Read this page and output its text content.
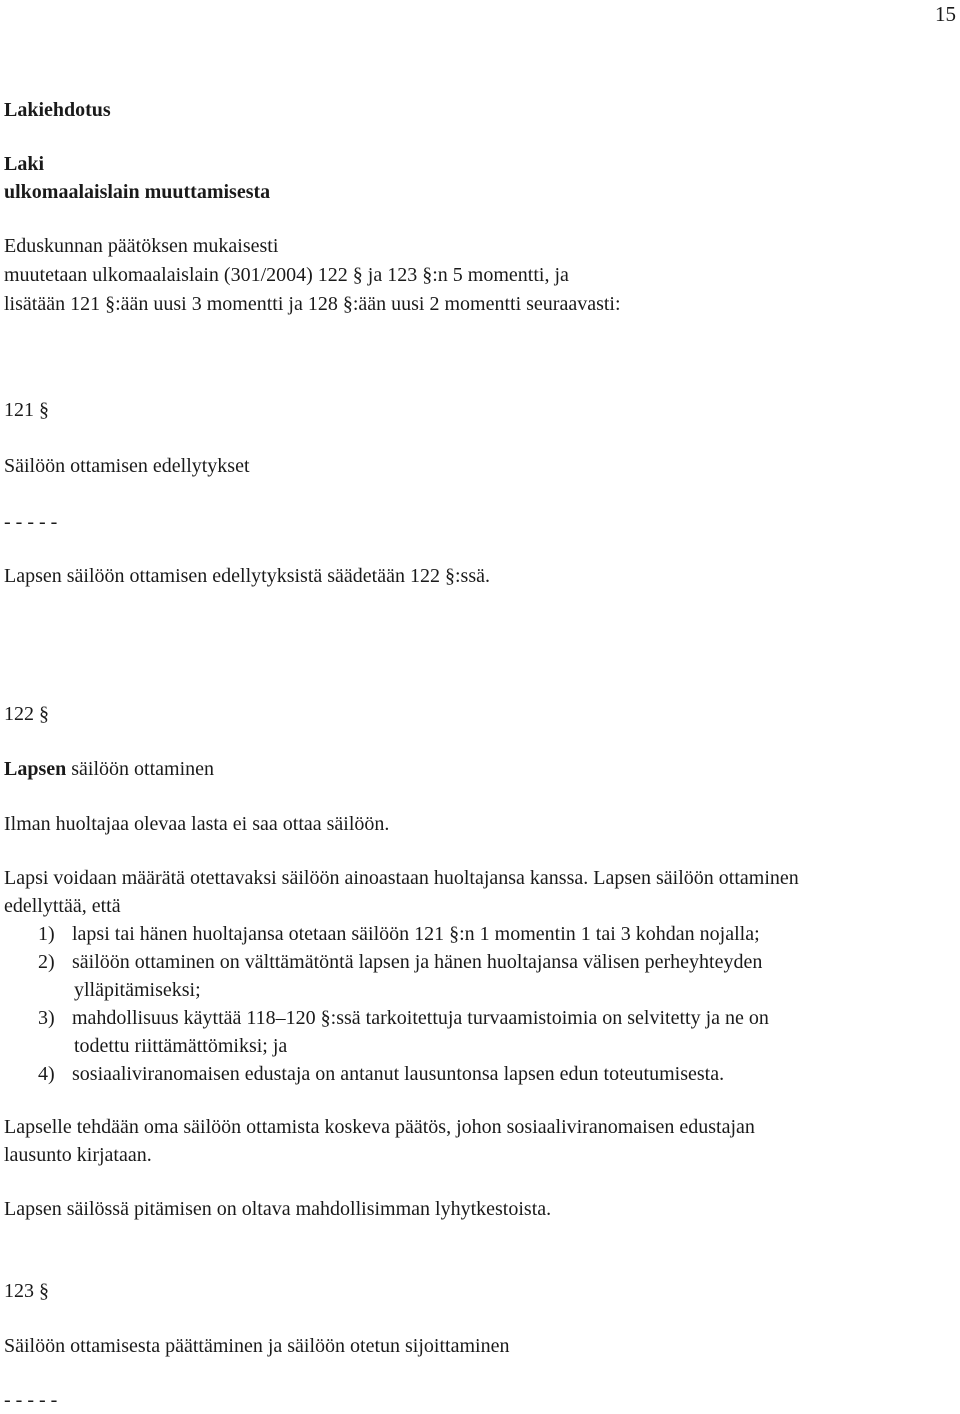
15
Lakiehdotus
Laki
ulkomaalaislain muuttamisesta
Eduskunnan päätöksen mukaisesti
muutetaan ulkomaalaislain (301/2004) 122 § ja 123 §:n 5 momentti, ja
lisätään 121 §:ään uusi 3 momentti ja 128 §:ään uusi 2 momentti seuraavasti:
121 §
Säilöön ottamisen edellytykset
- - - - -
Lapsen säilöön ottamisen edellytyksistä säädetään 122 §:ssä.
122 §
Lapsen säilöön ottaminen
Ilman huoltajaa olevaa lasta ei saa ottaa säilöön.
Lapsi voidaan määrätä otettavaksi säilöön ainoastaan huoltajansa kanssa. Lapsen säilöön ottaminen
edellyttää, että
1) lapsi tai hänen huoltajansa otetaan säilöön 121 §:n 1 momentin 1 tai 3 kohdan nojalla;
2) säilöön ottaminen on välttämätöntä lapsen ja hänen huoltajansa välisen perheyhteyden
ylläpitämiseksi;
3) mahdollisuus käyttää 118–120 §:ssä tarkoitettuja turvaamistoimia on selvitetty ja ne on
todettu riittämättömiksi; ja
4) sosiaaliviranomaisen edustaja on antanut lausuntonsa lapsen edun toteutumisesta.
Lapselle tehdään oma säilöön ottamista koskeva päätös, johon sosiaaliviranomaisen edustajan
lausunto kirjataan.
Lapsen säilössä pitämisen on oltava mahdollisimman lyhytkestoista.
123 §
Säilöön ottamisesta päättäminen ja säilöön otetun sijoittaminen
- - - - -
